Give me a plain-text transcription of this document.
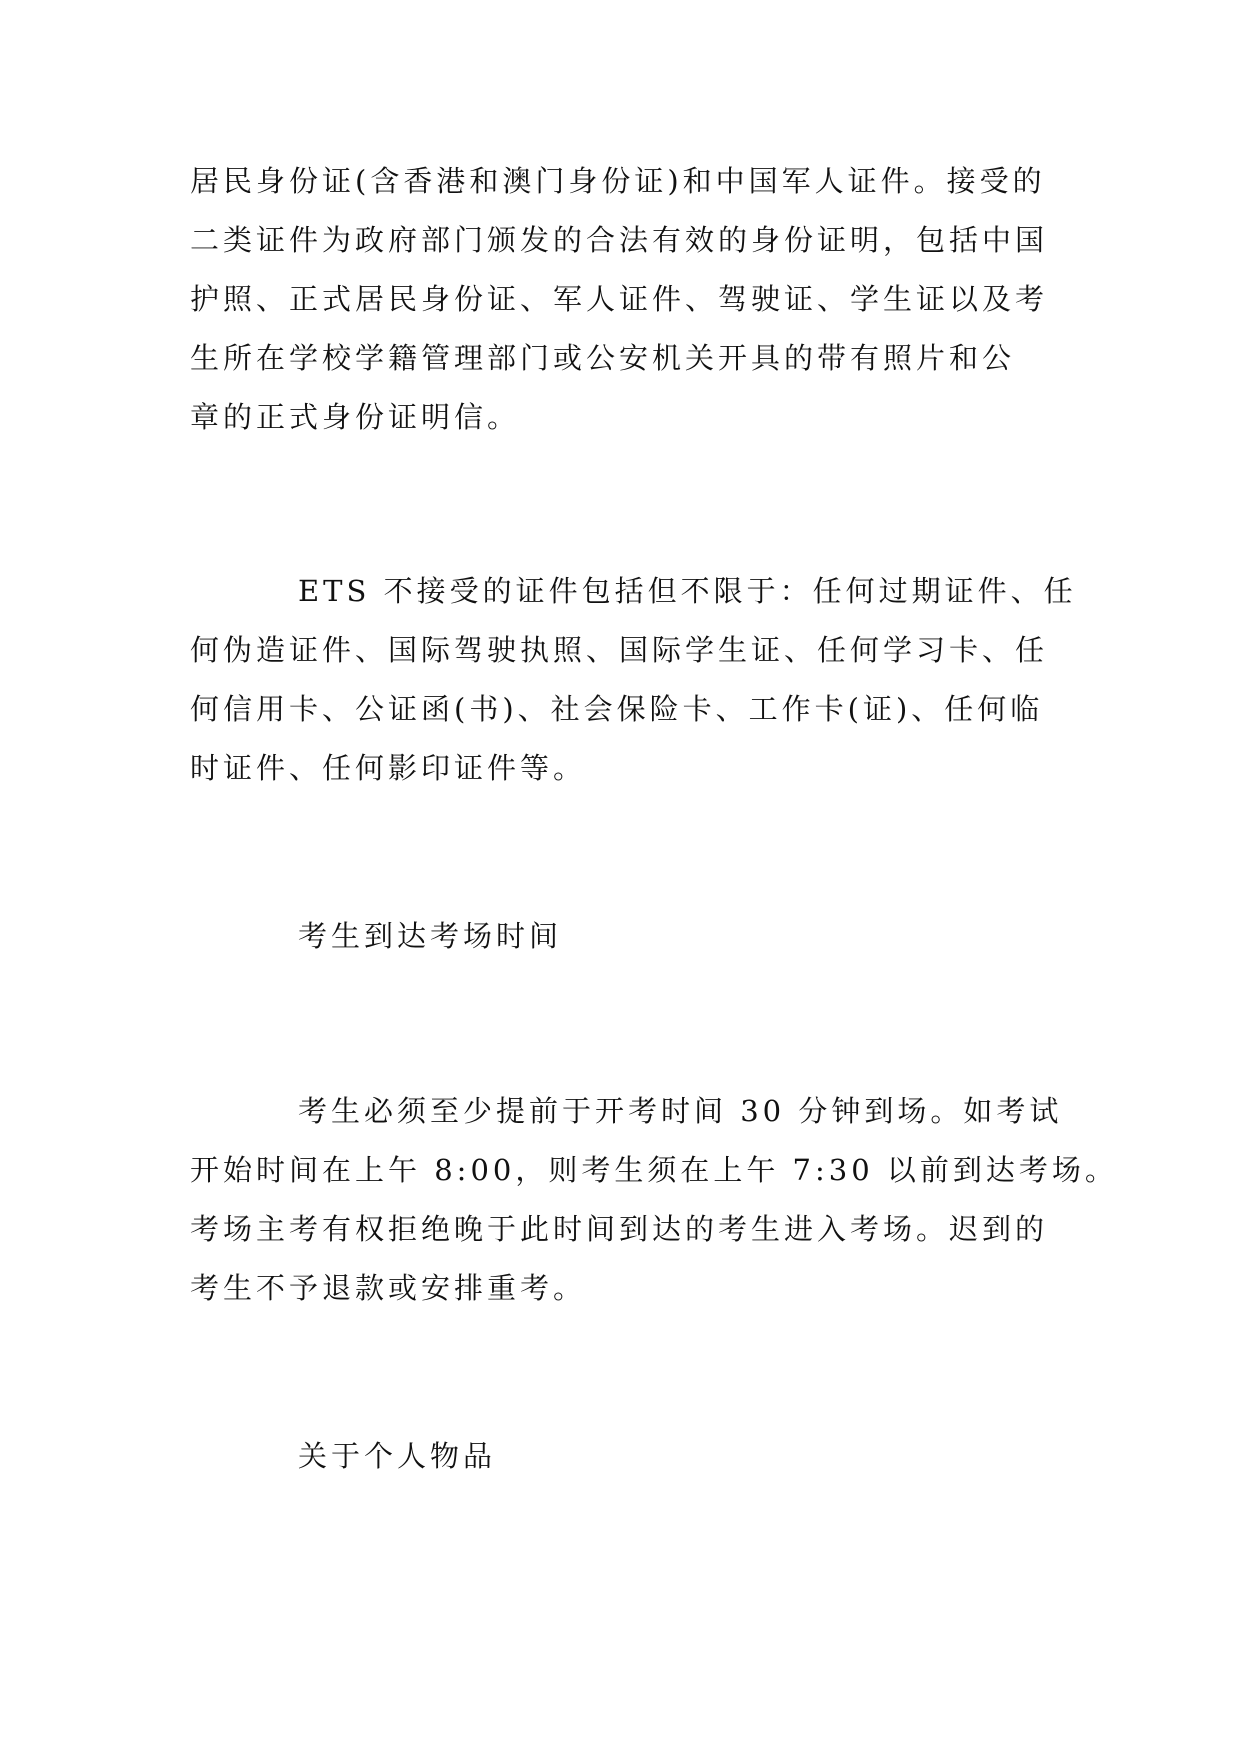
居民身份证(含香港和澳门身份证)和中国军人证件。接受的
二类证件为政府部门颁发的合法有效的身份证明，包括中国
护照、正式居民身份证、军人证件、驾驶证、学生证以及考
生所在学校学籍管理部门或公安机关开具的带有照片和公
章的正式身份证明信。
ETS 不接受的证件包括但不限于：任何过期证件、任
何伪造证件、国际驾驶执照、国际学生证、任何学习卡、任
何信用卡、公证函(书)、社会保险卡、工作卡(证)、任何临
时证件、任何影印证件等。
考生到达考场时间
考生必须至少提前于开考时间 30 分钟到场。如考试
开始时间在上午 8:00，则考生须在上午 7:30 以前到达考场。
考场主考有权拒绝晚于此时间到达的考生进入考场。迟到的
考生不予退款或安排重考。
关于个人物品
